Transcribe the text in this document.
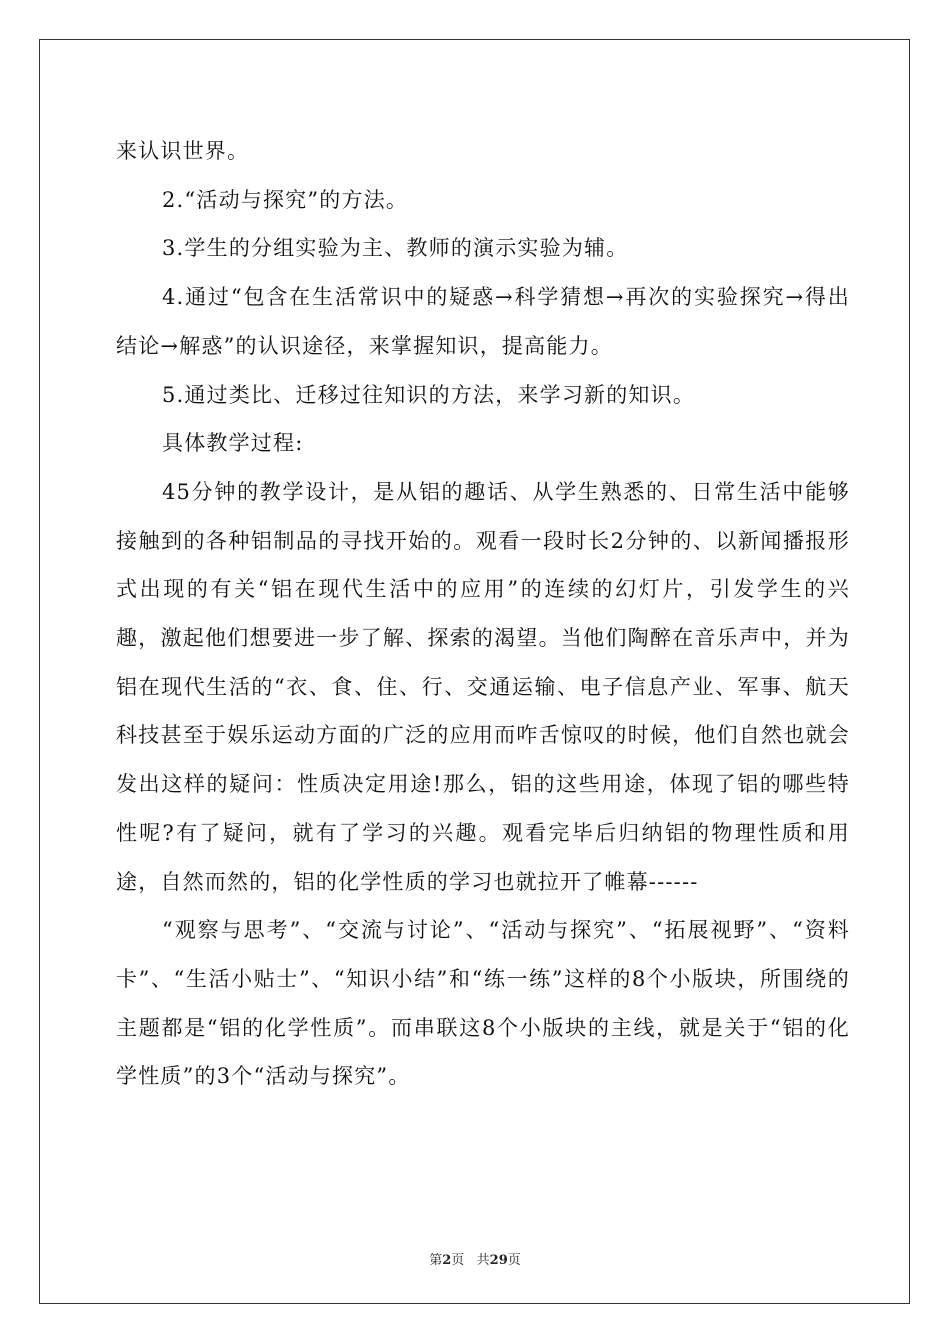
来认识世界。

2.“活动与探究”的方法。

3.学生的分组实验为主、教师的演示实验为辅。

4.通过“包含在生活常识中的疑惑→科学猜想→再次的实验探究→得出结论→解惑”的认识途径，来掌握知识，提高能力。

5.通过类比、迁移过往知识的方法，来学习新的知识。

具体教学过程:

45分钟的教学设计，是从铝的趣话、从学生熟悉的、日常生活中能够接触到的各种铝制品的寻找开始的。观看一段时长2分钟的、以新闻播报形式出现的有关“铝在现代生活中的应用”的连续的幻灯片，引发学生的兴趣，激起他们想要进一步了解、探索的渴望。当他们陶醉在音乐声中，并为铝在现代生活的“衣、食、住、行、交通运输、电子信息产业、军事、航天科技甚至于娱乐运动方面的广泛的应用而咋舌惊叹的时候，他们自然也就会发出这样的疑问：性质决定用途!那么，铝的这些用途，体现了铝的哪些特性呢?有了疑问，就有了学习的兴趣。观看完毕后归纳铝的物理性质和用途，自然而然的，铝的化学性质的学习也就拉开了帷幕------

“观察与思考”、“交流与讨论”、“活动与探究”、“拓展视野”、“资料卡”、“生活小贴士”、“知识小结”和“练一练”这样的8个小版块，所围绕的主题都是“铝的化学性质”。而串联这8个小版块的主线，就是关于“铝的化学性质”的3个“活动与探究”。

第2页   共29页
